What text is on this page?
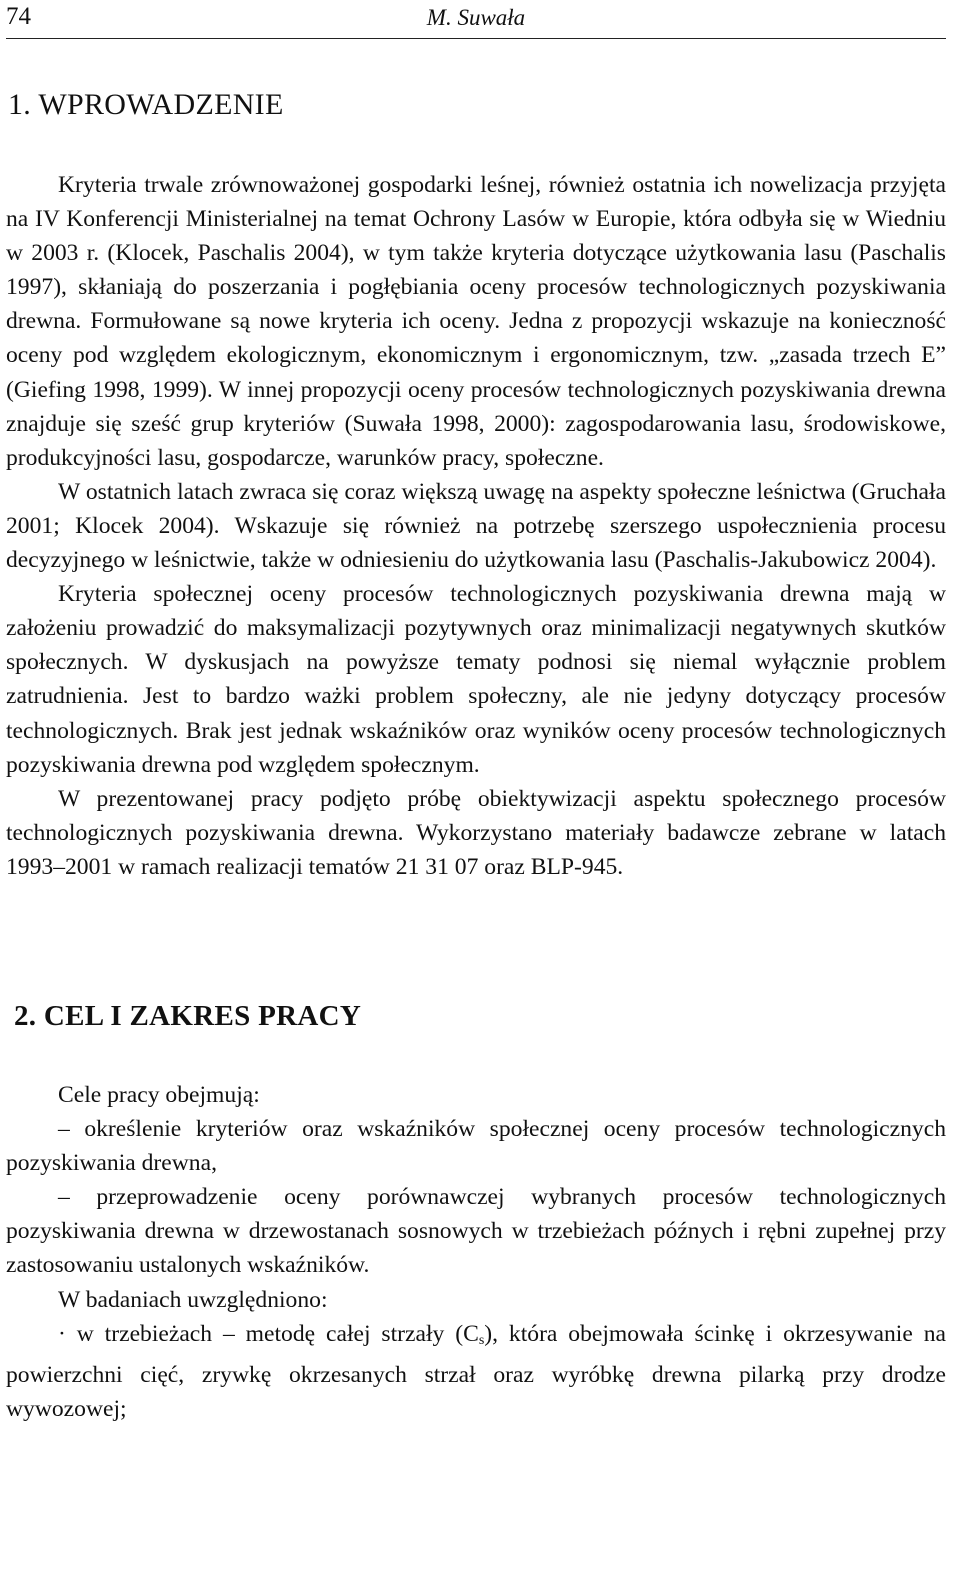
74	M. Suwała
1. WPROWADZENIE

Kryteria trwale zrównoważonej gospodarki leśnej, również ostatnia ich nowelizacja przyjęta na IV Konferencji Ministerialnej na temat Ochrony Lasów w Europie, która odbyła się w Wiedniu w 2003 r. (Klocek, Paschalis 2004), w tym także kryteria dotyczące użytkowania lasu (Paschalis 1997), skłaniają do poszerzania i pogłębiania oceny procesów technologicznych pozyskiwania drewna. Formułowane są nowe kryteria ich oceny. Jedna z propozycji wskazuje na konieczność oceny pod względem ekologicznym, ekonomicznym i ergonomicznym, tzw. „zasada trzech E” (Giefing 1998, 1999). W innej propozycji oceny procesów technologicznych pozyskiwania drewna znajduje się sześć grup kryteriów (Suwała 1998, 2000): zagospodarowania lasu, środowiskowe, produkcyjności lasu, gospodarcze, warunków pracy, społeczne.

W ostatnich latach zwraca się coraz większą uwagę na aspekty społeczne leśnictwa (Gruchała 2001; Klocek 2004). Wskazuje się również na potrzebę szerszego uspołecznienia procesu decyzyjnego w leśnictwie, także w odniesieniu do użytkowania lasu (Paschalis-Jakubowicz 2004).

Kryteria społecznej oceny procesów technologicznych pozyskiwania drewna mają w założeniu prowadzić do maksymalizacji pozytywnych oraz minimalizacji negatywnych skutków społecznych. W dyskusjach na powyższe tematy podnosi się niemal wyłącznie problem zatrudnienia. Jest to bardzo ważki problem społeczny, ale nie jedyny dotyczący procesów technologicznych. Brak jest jednak wskaźników oraz wyników oceny procesów technologicznych pozyskiwania drewna pod względem społecznym.

W prezentowanej pracy podjęto próbę obiektywizacji aspektu społecznego procesów technologicznych pozyskiwania drewna. Wykorzystano materiały badawcze zebrane w latach 1993–2001 w ramach realizacji tematów 21 31 07 oraz BLP-945.

2. CEL I ZAKRES PRACY

Cele pracy obejmują:

– określenie kryteriów oraz wskaźników społecznej oceny procesów technologicznych pozyskiwania drewna,

– przeprowadzenie oceny porównawczej wybranych procesów technologicznych pozyskiwania drewna w drzewostanach sosnowych w trzebieżach późnych i rębni zupełnej przy zastosowaniu ustalonych wskaźników.

W badaniach uwzględniono:

· w trzebieżach – metodę całej strzały $(C_s)$, która obejmowała ścinkę i okrzesywanie na powierzchni cięć, zrywkę okrzesanych strzał oraz wyróbkę drewna pilarką przy drodze wywozowej;
